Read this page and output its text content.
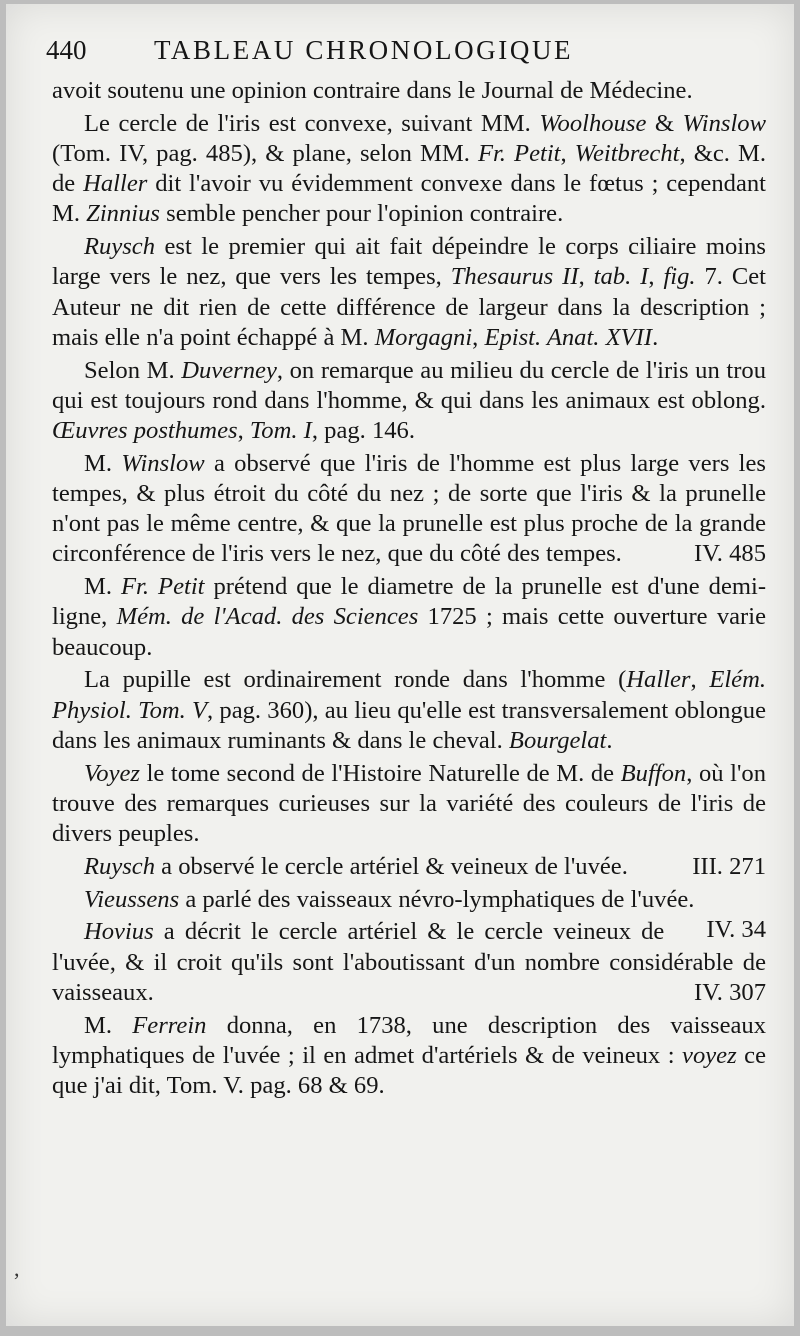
440	TABLEAU CHRONOLOGIQUE

avoit soutenu une opinion contraire dans le Journal de Médecine.

Le cercle de l'iris est convexe, suivant MM. Woolhouse & Winslow (Tom. IV, pag. 485), & plane, selon MM. Fr. Petit, Weitbrecht, &c. M. de Haller dit l'avoir vu évidemment convexe dans le fœtus ; cependant M. Zinnius semble pencher pour l'opinion contraire.

Ruysch est le premier qui ait fait dépeindre le corps ciliaire moins large vers le nez, que vers les tempes, Thesaurus II, tab. I, fig. 7. Cet Auteur ne dit rien de cette différence de largeur dans la description ; mais elle n'a point échappé à M. Morgagni, Epist. Anat. XVII.

Selon M. Duverney, on remarque au milieu du cercle de l'iris un trou qui est toujours rond dans l'homme, & qui dans les animaux est oblong. Œuvres posthumes, Tom. I, pag. 146.

M. Winslow a observé que l'iris de l'homme est plus large vers les tempes, & plus étroit du côté du nez ; de sorte que l'iris & la prunelle n'ont pas le même centre, & que la prunelle est plus proche de la grande circonférence de l'iris vers le nez, que du côté des tempes.	IV. 485

M. Fr. Petit prétend que le diametre de la prunelle est d'une demi-ligne, Mém. de l'Acad. des Sciences 1725 ; mais cette ouverture varie beaucoup.

La pupille est ordinairement ronde dans l'homme (Haller, Elém. Physiol. Tom. V, pag. 360), au lieu qu'elle est transversalement oblongue dans les animaux ruminants & dans le cheval. Bourgelat.

Voyez le tome second de l'Histoire Naturelle de M. de Buffon, où l'on trouve des remarques curieuses sur la variété des couleurs de l'iris de divers peuples.

Ruysch a observé le cercle artériel & veineux de l'uvée.	III. 271

Vieussens a parlé des vaisseaux névro-lymphatiques de l'uvée.
IV. 34

Hovius a décrit le cercle artériel & le cercle veineux de l'uvée, & il croit qu'ils sont l'aboutissant d'un nombre considérable de vaisseaux.	IV. 307

M. Ferrein donna, en 1738, une description des vaisseaux lymphatiques de l'uvée ; il en admet d'artériels & de veineux : voyez ce que j'ai dit, Tom. V. pag. 68 & 69.

,
